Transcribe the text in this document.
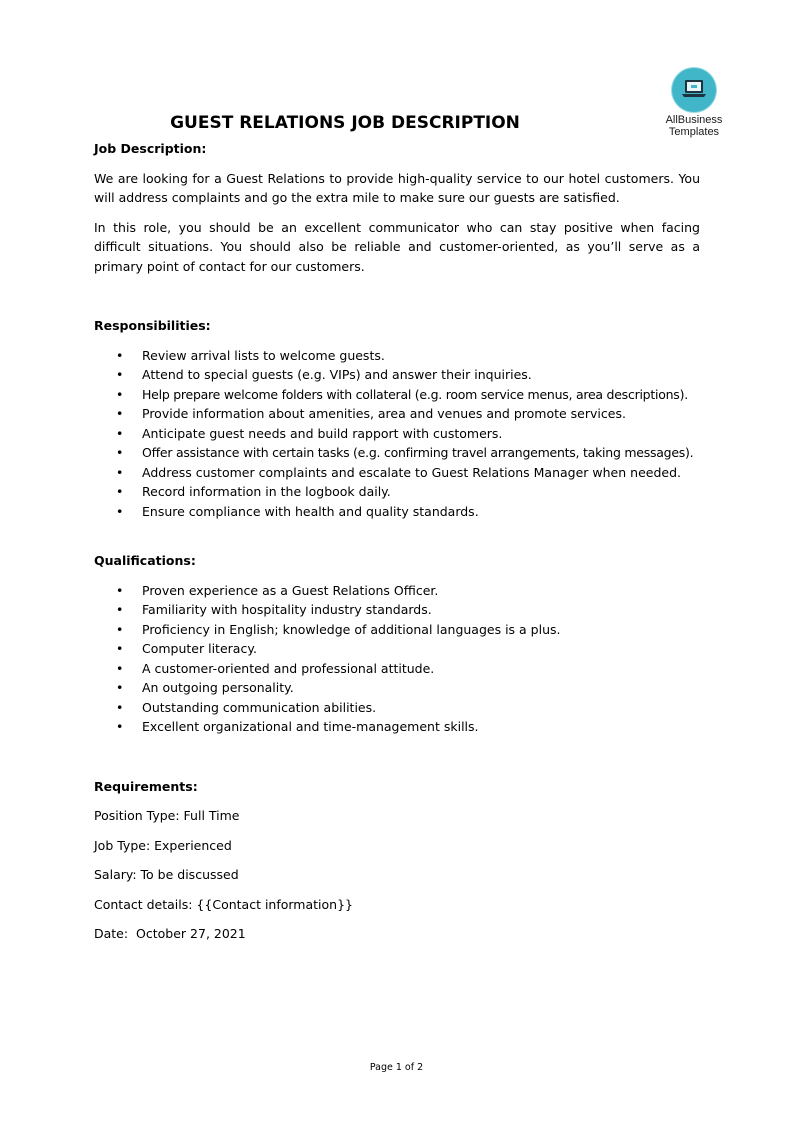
AllBusiness
Templates
GUEST RELATIONS JOB DESCRIPTION

Job Description:

We are looking for a Guest Relations to provide high-quality service to our hotel customers. You will address complaints and go the extra mile to make sure our guests are satisfied.

In this role, you should be an excellent communicator who can stay positive when facing difficult situations. You should also be reliable and customer-oriented, as you’ll serve as a primary point of contact for our customers.

Responsibilities:

• Review arrival lists to welcome guests.
• Attend to special guests (e.g. VIPs) and answer their inquiries.
• Help prepare welcome folders with collateral (e.g. room service menus, area descriptions).
• Provide information about amenities, area and venues and promote services.
• Anticipate guest needs and build rapport with customers.
• Offer assistance with certain tasks (e.g. confirming travel arrangements, taking messages).
• Address customer complaints and escalate to Guest Relations Manager when needed.
• Record information in the logbook daily.
• Ensure compliance with health and quality standards.

Qualifications:

• Proven experience as a Guest Relations Officer.
• Familiarity with hospitality industry standards.
• Proficiency in English; knowledge of additional languages is a plus.
• Computer literacy.
• A customer-oriented and professional attitude.
• An outgoing personality.
• Outstanding communication abilities.
• Excellent organizational and time-management skills.

Requirements:

Position Type: Full Time

Job Type: Experienced

Salary: To be discussed

Contact details: {{Contact information}}

Date:  October 27, 2021

Page 1 of 2
